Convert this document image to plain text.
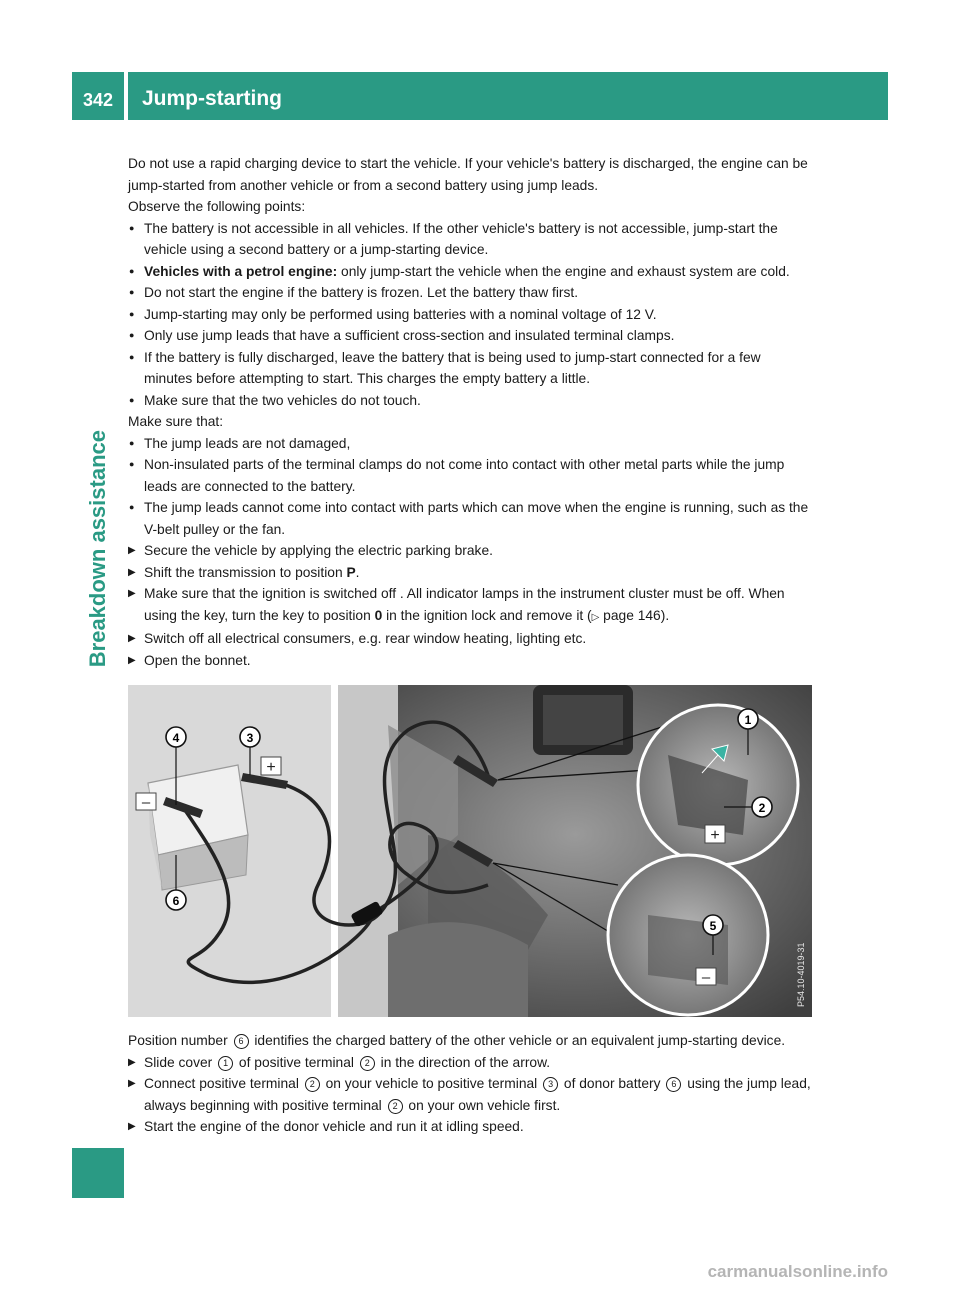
342	Jump-starting
Breakdown assistance

Do not use a rapid charging device to start the vehicle. If your vehicle's battery is discharged, the engine can be jump-started from another vehicle or from a second battery using jump leads.

Observe the following points:

● The battery is not accessible in all vehicles. If the other vehicle's battery is not accessible, jump-start the vehicle using a second battery or a jump-starting device.
● Vehicles with a petrol engine: only jump-start the vehicle when the engine and exhaust system are cold.
● Do not start the engine if the battery is frozen. Let the battery thaw first.
● Jump-starting may only be performed using batteries with a nominal voltage of 12 V.
● Only use jump leads that have a sufficient cross-section and insulated terminal clamps.
● If the battery is fully discharged, leave the battery that is being used to jump-start connected for a few minutes before attempting to start. This charges the empty battery a little.
● Make sure that the two vehicles do not touch.

Make sure that:

● The jump leads are not damaged,
● Non-insulated parts of the terminal clamps do not come into contact with other metal parts while the jump leads are connected to the battery.
● The jump leads cannot come into contact with parts which can move when the engine is running, such as the V-belt pulley or the fan.
▶ Secure the vehicle by applying the electric parking brake.
▶ Shift the transmission to position P.
▶ Make sure that the ignition is switched off . All indicator lamps in the instrument cluster must be off. When using the key, turn the key to position 0 in the ignition lock and remove it (▷ page 146).
▶ Switch off all electrical consumers, e.g. rear window heating, lighting etc.
▶ Open the bonnet.
–
+
+
–
4	3
6
1
2
5
P54.10-4019-31

Position number 6 identifies the charged battery of the other vehicle or an equivalent jump-starting device.

▶ Slide cover 1 of positive terminal 2 in the direction of the arrow.
▶ Connect positive terminal 2 on your vehicle to positive terminal 3 of donor battery 6 using the jump lead, always beginning with positive terminal 2 on your own vehicle first.
▶ Start the engine of the donor vehicle and run it at idling speed.
carmanualsonline.info
